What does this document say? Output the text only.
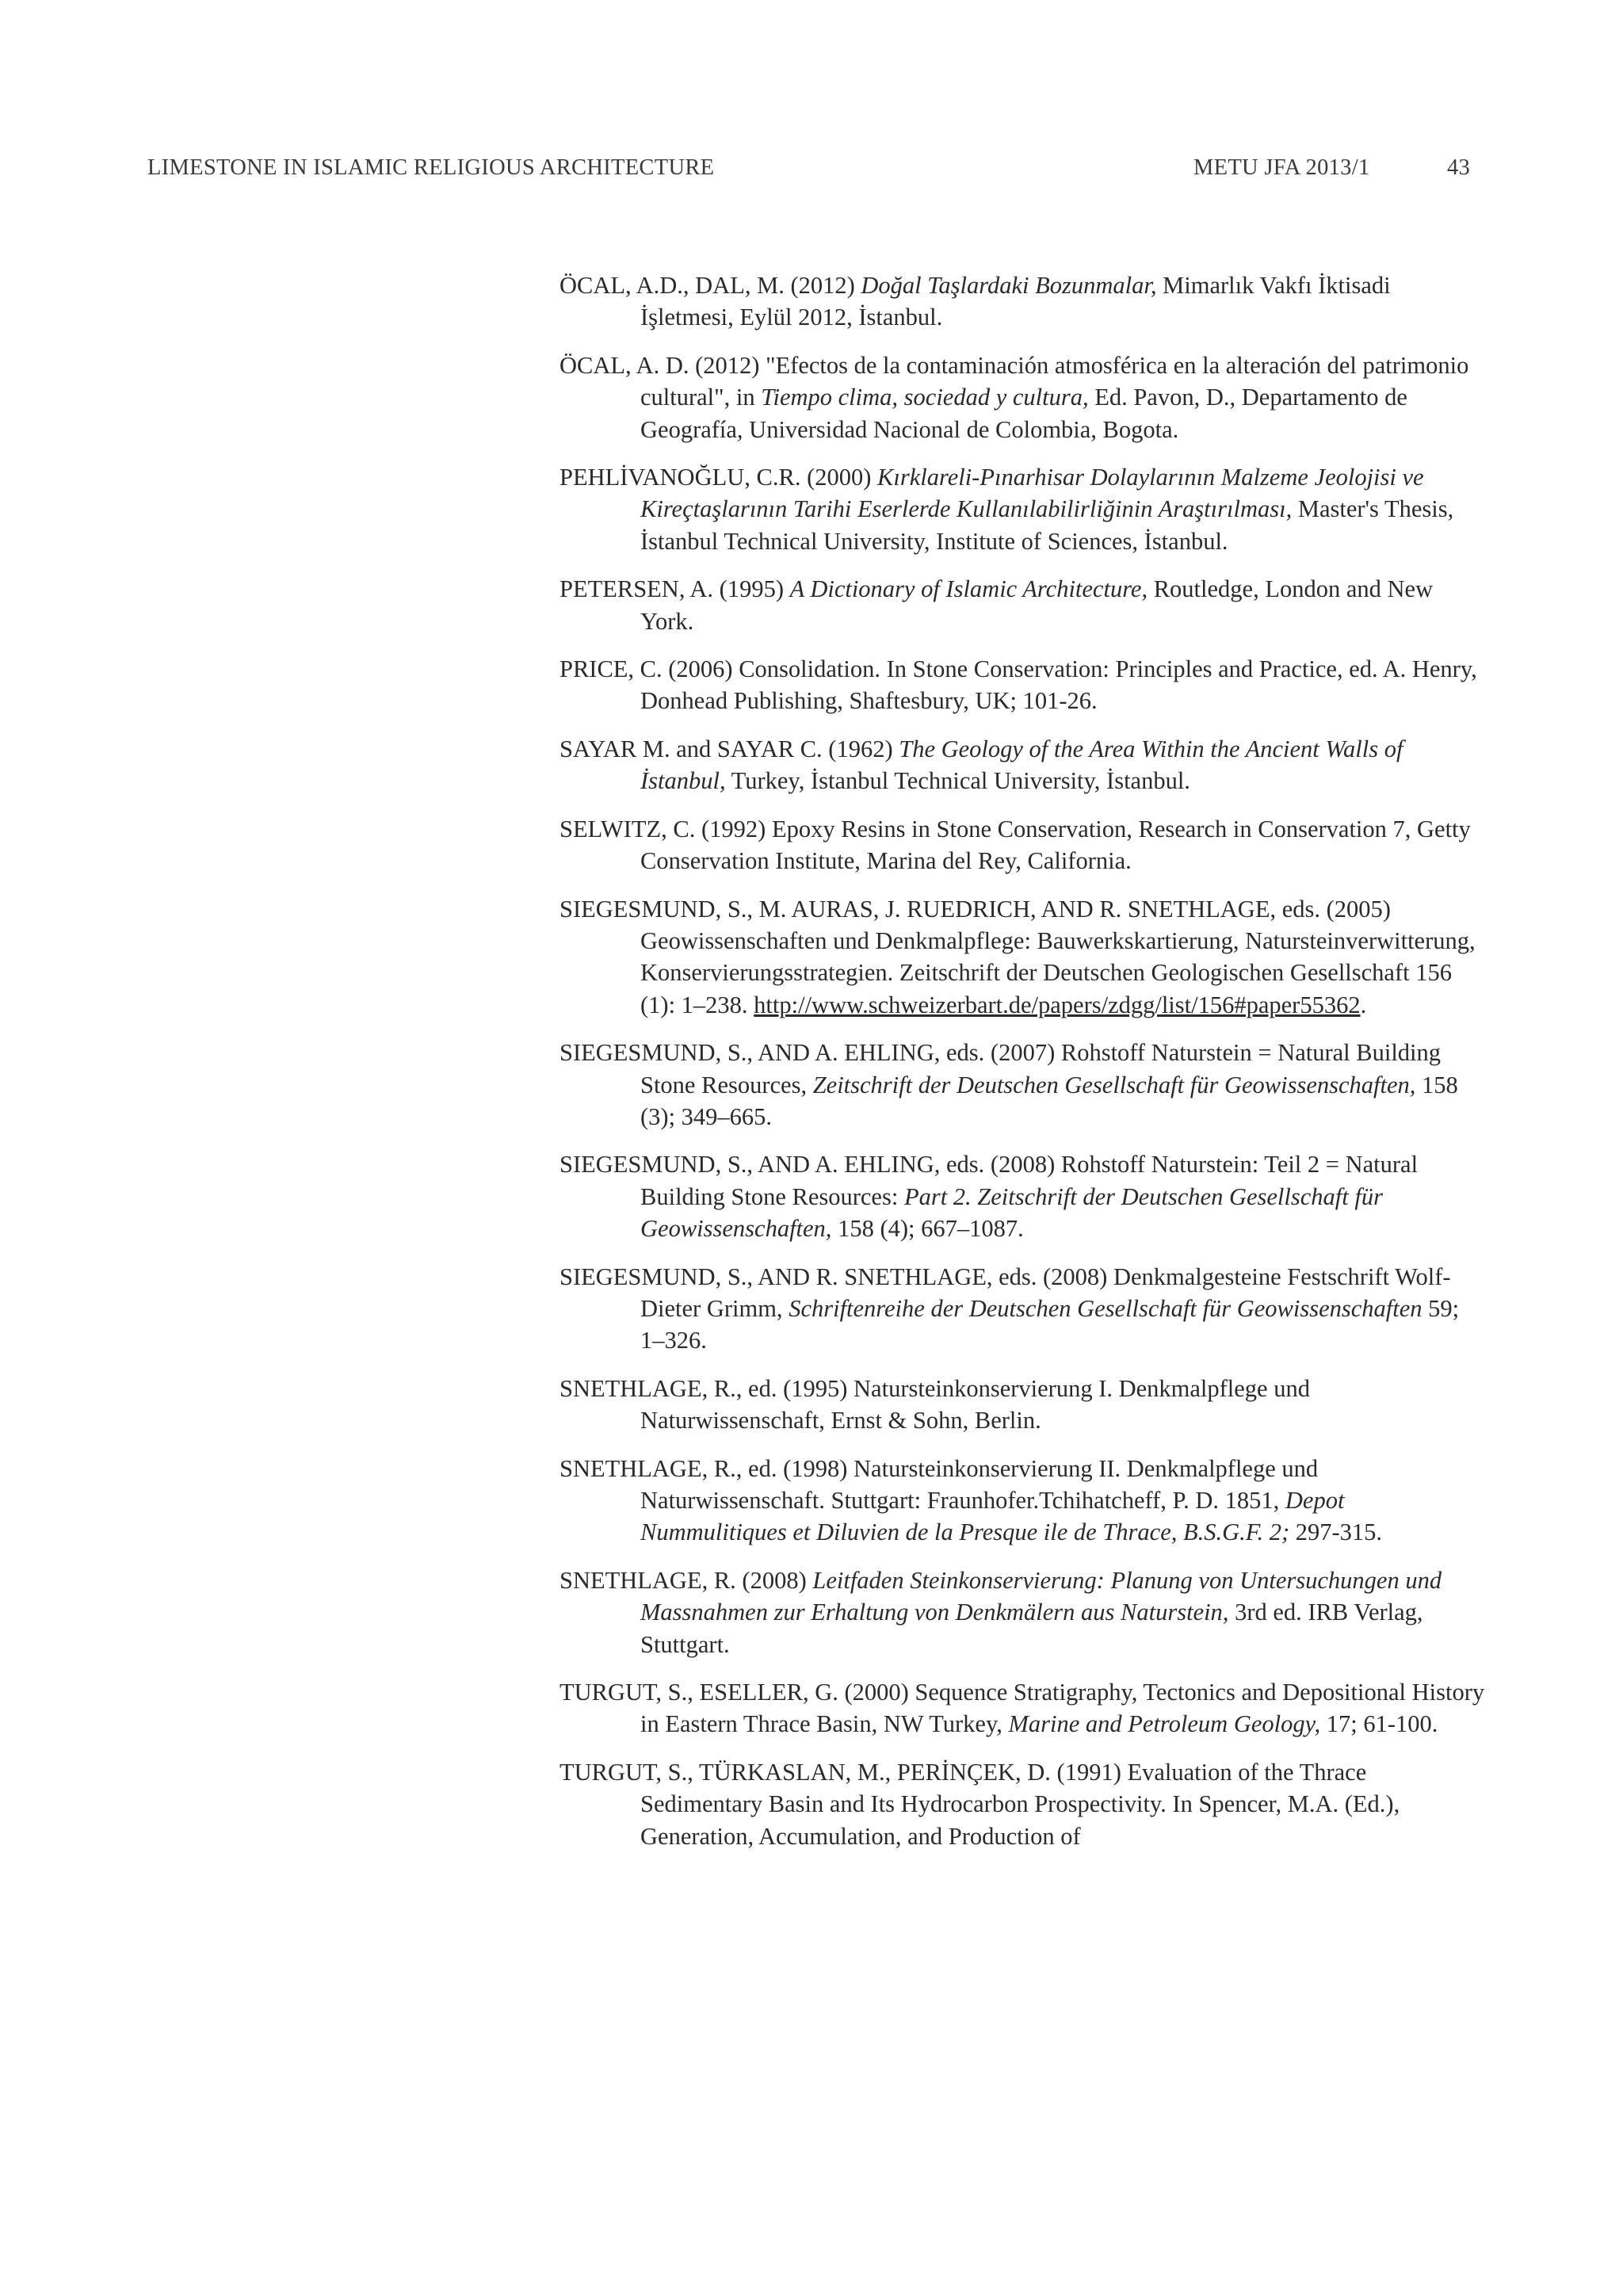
LIMESTONE IN ISLAMIC RELIGIOUS ARCHITECTURE	METU JFA 2013/1	43
ÖCAL, A.D., DAL, M. (2012) Doğal Taşlardaki Bozunmalar, Mimarlık Vakfı İktisadi İşletmesi, Eylül 2012, İstanbul.
ÖCAL, A. D. (2012) "Efectos de la contaminación atmosférica en la alteración del patrimonio cultural", in Tiempo clima, sociedad y cultura, Ed. Pavon, D., Departamento de Geografía, Universidad Nacional de Colombia, Bogota.
PEHLİVANOĞLU, C.R. (2000) Kırklareli-Pınarhisar Dolaylarının Malzeme Jeolojisi ve Kireçtaşlarının Tarihi Eserlerde Kullanılabilirliğinin Araştırılması, Master's Thesis, İstanbul Technical University, Institute of Sciences, İstanbul.
PETERSEN, A. (1995) A Dictionary of Islamic Architecture, Routledge, London and New York.
PRICE, C. (2006) Consolidation. In Stone Conservation: Principles and Practice, ed. A. Henry, Donhead Publishing, Shaftesbury, UK; 101-26.
SAYAR M. and SAYAR C. (1962) The Geology of the Area Within the Ancient Walls of İstanbul, Turkey, İstanbul Technical University, İstanbul.
SELWITZ, C. (1992) Epoxy Resins in Stone Conservation, Research in Conservation 7, Getty Conservation Institute, Marina del Rey, California.
SIEGESMUND, S., M. AURAS, J. RUEDRICH, AND R. SNETHLAGE, eds. (2005) Geowissenschaften und Denkmalpflege: Bauwerkskartierung, Natursteinverwitterung, Konservierungsstrategien. Zeitschrift der Deutschen Geologischen Gesellschaft 156 (1): 1–238. http://www.schweizerbart.de/papers/zdgg/list/156#paper55362.
SIEGESMUND, S., AND A. EHLING, eds. (2007) Rohstoff Naturstein = Natural Building Stone Resources, Zeitschrift der Deutschen Gesellschaft für Geowissenschaften, 158 (3); 349–665.
SIEGESMUND, S., AND A. EHLING, eds. (2008) Rohstoff Naturstein: Teil 2 = Natural Building Stone Resources: Part 2. Zeitschrift der Deutschen Gesellschaft für Geowissenschaften, 158 (4); 667–1087.
SIEGESMUND, S., AND R. SNETHLAGE, eds. (2008) Denkmalgesteine Festschrift Wolf-Dieter Grimm, Schriftenreihe der Deutschen Gesellschaft für Geowissenschaften 59; 1–326.
SNETHLAGE, R., ed. (1995) Natursteinkonservierung I. Denkmalpflege und Naturwissenschaft, Ernst & Sohn, Berlin.
SNETHLAGE, R., ed. (1998) Natursteinkonservierung II. Denkmalpflege und Naturwissenschaft. Stuttgart: Fraunhofer.Tchihatcheff, P. D. 1851, Depot Nummulitiques et Diluvien de la Presque ile de Thrace, B.S.G.F. 2; 297-315.
SNETHLAGE, R. (2008) Leitfaden Steinkonservierung: Planung von Untersuchungen und Massnahmen zur Erhaltung von Denkmälern aus Naturstein, 3rd ed. IRB Verlag, Stuttgart.
TURGUT, S., ESELLER, G. (2000) Sequence Stratigraphy, Tectonics and Depositional History in Eastern Thrace Basin, NW Turkey, Marine and Petroleum Geology, 17; 61-100.
TURGUT, S., TÜRKASLAN, M., PERİNÇEK, D. (1991) Evaluation of the Thrace Sedimentary Basin and Its Hydrocarbon Prospectivity. In Spencer, M.A. (Ed.), Generation, Accumulation, and Production of
